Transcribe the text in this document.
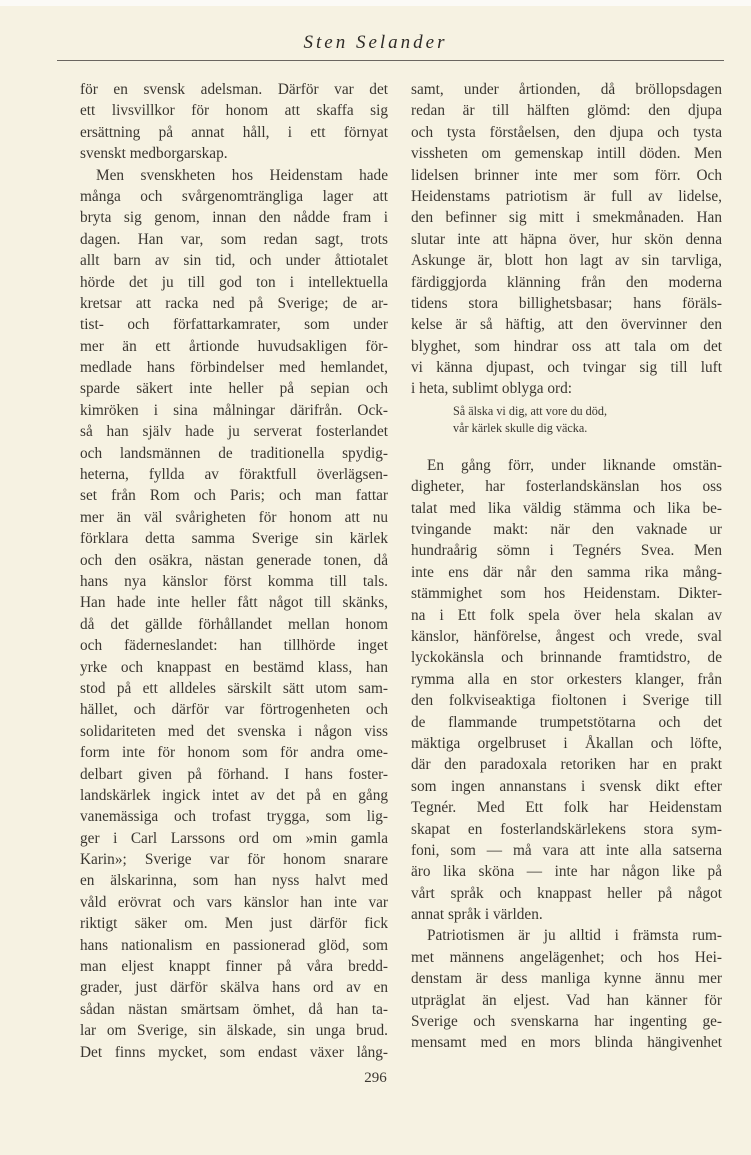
Sten Selander
för en svensk adelsman. Därför var det
ett livsvillkor för honom att skaffa sig
ersättning på annat håll, i ett förnyat
svenskt medborgarskap.
Men svenskheten hos Heidenstam hade
många och svårgenomträngliga lager att
bryta sig genom, innan den nådde fram i
dagen. Han var, som redan sagt, trots
allt barn av sin tid, och under åttiotalet
hörde det ju till god ton i intellektuella
kretsar att racka ned på Sverige; de ar-
tist- och författarkamrater, som under
mer än ett årtionde huvudsakligen för-
medlade hans förbindelser med hemlandet,
sparde säkert inte heller på sepian och
kimröken i sina målningar därifrån. Ock-
så han själv hade ju serverat fosterlandet
och landsmännen de traditionella spydig-
heterna, fyllda av föraktfull överlägsen-
set från Rom och Paris; och man fattar
mer än väl svårigheten för honom att nu
förklara detta samma Sverige sin kärlek
och den osäkra, nästan generade tonen, då
hans nya känslor först komma till tals.
Han hade inte heller fått något till skänks,
då det gällde förhållandet mellan honom
och fäderneslandet: han tillhörde inget
yrke och knappast en bestämd klass, han
stod på ett alldeles särskilt sätt utom sam-
hället, och därför var förtrogenheten och
solidariteten med det svenska i någon viss
form inte för honom som för andra ome-
delbart given på förhand. I hans foster-
landskärlek ingick intet av det på en gång
vanemässiga och trofast trygga, som lig-
ger i Carl Larssons ord om »min gamla
Karin»; Sverige var för honom snarare
en älskarinna, som han nyss halvt med
våld erövrat och vars känslor han inte var
riktigt säker om. Men just därför fick
hans nationalism en passionerad glöd, som
man eljest knappt finner på våra bredd-
grader, just därför skälva hans ord av en
sådan nästan smärtsam ömhet, då han ta-
lar om Sverige, sin älskade, sin unga brud.
Det finns mycket, som endast växer lång-
samt, under årtionden, då bröllopsdagen
redan är till hälften glömd: den djupa
och tysta förståelsen, den djupa och tysta
vissheten om gemenskap intill döden. Men
lidelsen brinner inte mer som förr. Och
Heidenstams patriotism är full av lidelse,
den befinner sig mitt i smekmånaden. Han
slutar inte att häpna över, hur skön denna
Askunge är, blott hon lagt av sin tarvliga,
färdiggjorda klänning från den moderna
tidens stora billighetsbasar; hans föräls-
kelse är så häftig, att den övervinner den
blyghet, som hindrar oss att tala om det
vi känna djupast, och tvingar sig till luft
i heta, sublimt oblyga ord:
Så älska vi dig, att vore du död,
vår kärlek skulle dig väcka.
En gång förr, under liknande omstän-
digheter, har fosterlandskänslan hos oss
talat med lika väldig stämma och lika be-
tvingande makt: när den vaknade ur
hundraårig sömn i Tegnérs Svea. Men
inte ens där når den samma rika mång-
stämmighet som hos Heidenstam. Dikter-
na i Ett folk spela över hela skalan av
känslor, hänförelse, ångest och vrede, sval
lyckokänsla och brinnande framtidstro, de
rymma alla en stor orkesters klanger, från
den folkviseaktiga fioltonen i Sverige till
de flammande trumpetstötarna och det
mäktiga orgelbruset i Åkallan och löfte,
där den paradoxala retoriken har en prakt
som ingen annanstans i svensk dikt efter
Tegnér. Med Ett folk har Heidenstam
skapat en fosterlandskärlekens stora sym-
foni, som — må vara att inte alla satserna
äro lika sköna — inte har någon like på
vårt språk och knappast heller på något
annat språk i världen.
Patriotismen är ju alltid i främsta rum-
met männens angelägenhet; och hos Hei-
denstam är dess manliga kynne ännu mer
utpräglat än eljest. Vad han känner för
Sverige och svenskarna har ingenting ge-
mensamt med en mors blinda hängivenhet
296
